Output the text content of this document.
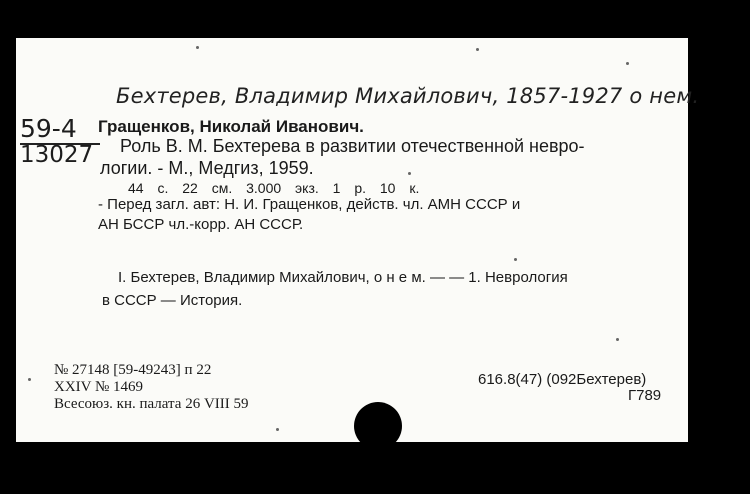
Бехтерев, Владимир Михайлович, 1857-1927 о нем.
59-4
13027
Гращенков, Николай Иванович.
Роль В. М. Бехтерева в развитии отечественной невро-
логии. - М., Медгиз, 1959.
44 с. 22 см. 3.000 экз. 1 р. 10 к.
- Перед загл. авт: Н. И. Гращенков, действ. чл. АМН СССР и
АН БССР чл.-корр. АН СССР.
I. Бехтерев, Владимир Михайлович, о н е м. — — 1. Неврология
в СССР — История.
№ 27148 [59-49243] п 22
XXIV № 1469
Всесоюз. кн. палата 26 VIII 59
616.8(47) (092Бехтерев)
Г789
